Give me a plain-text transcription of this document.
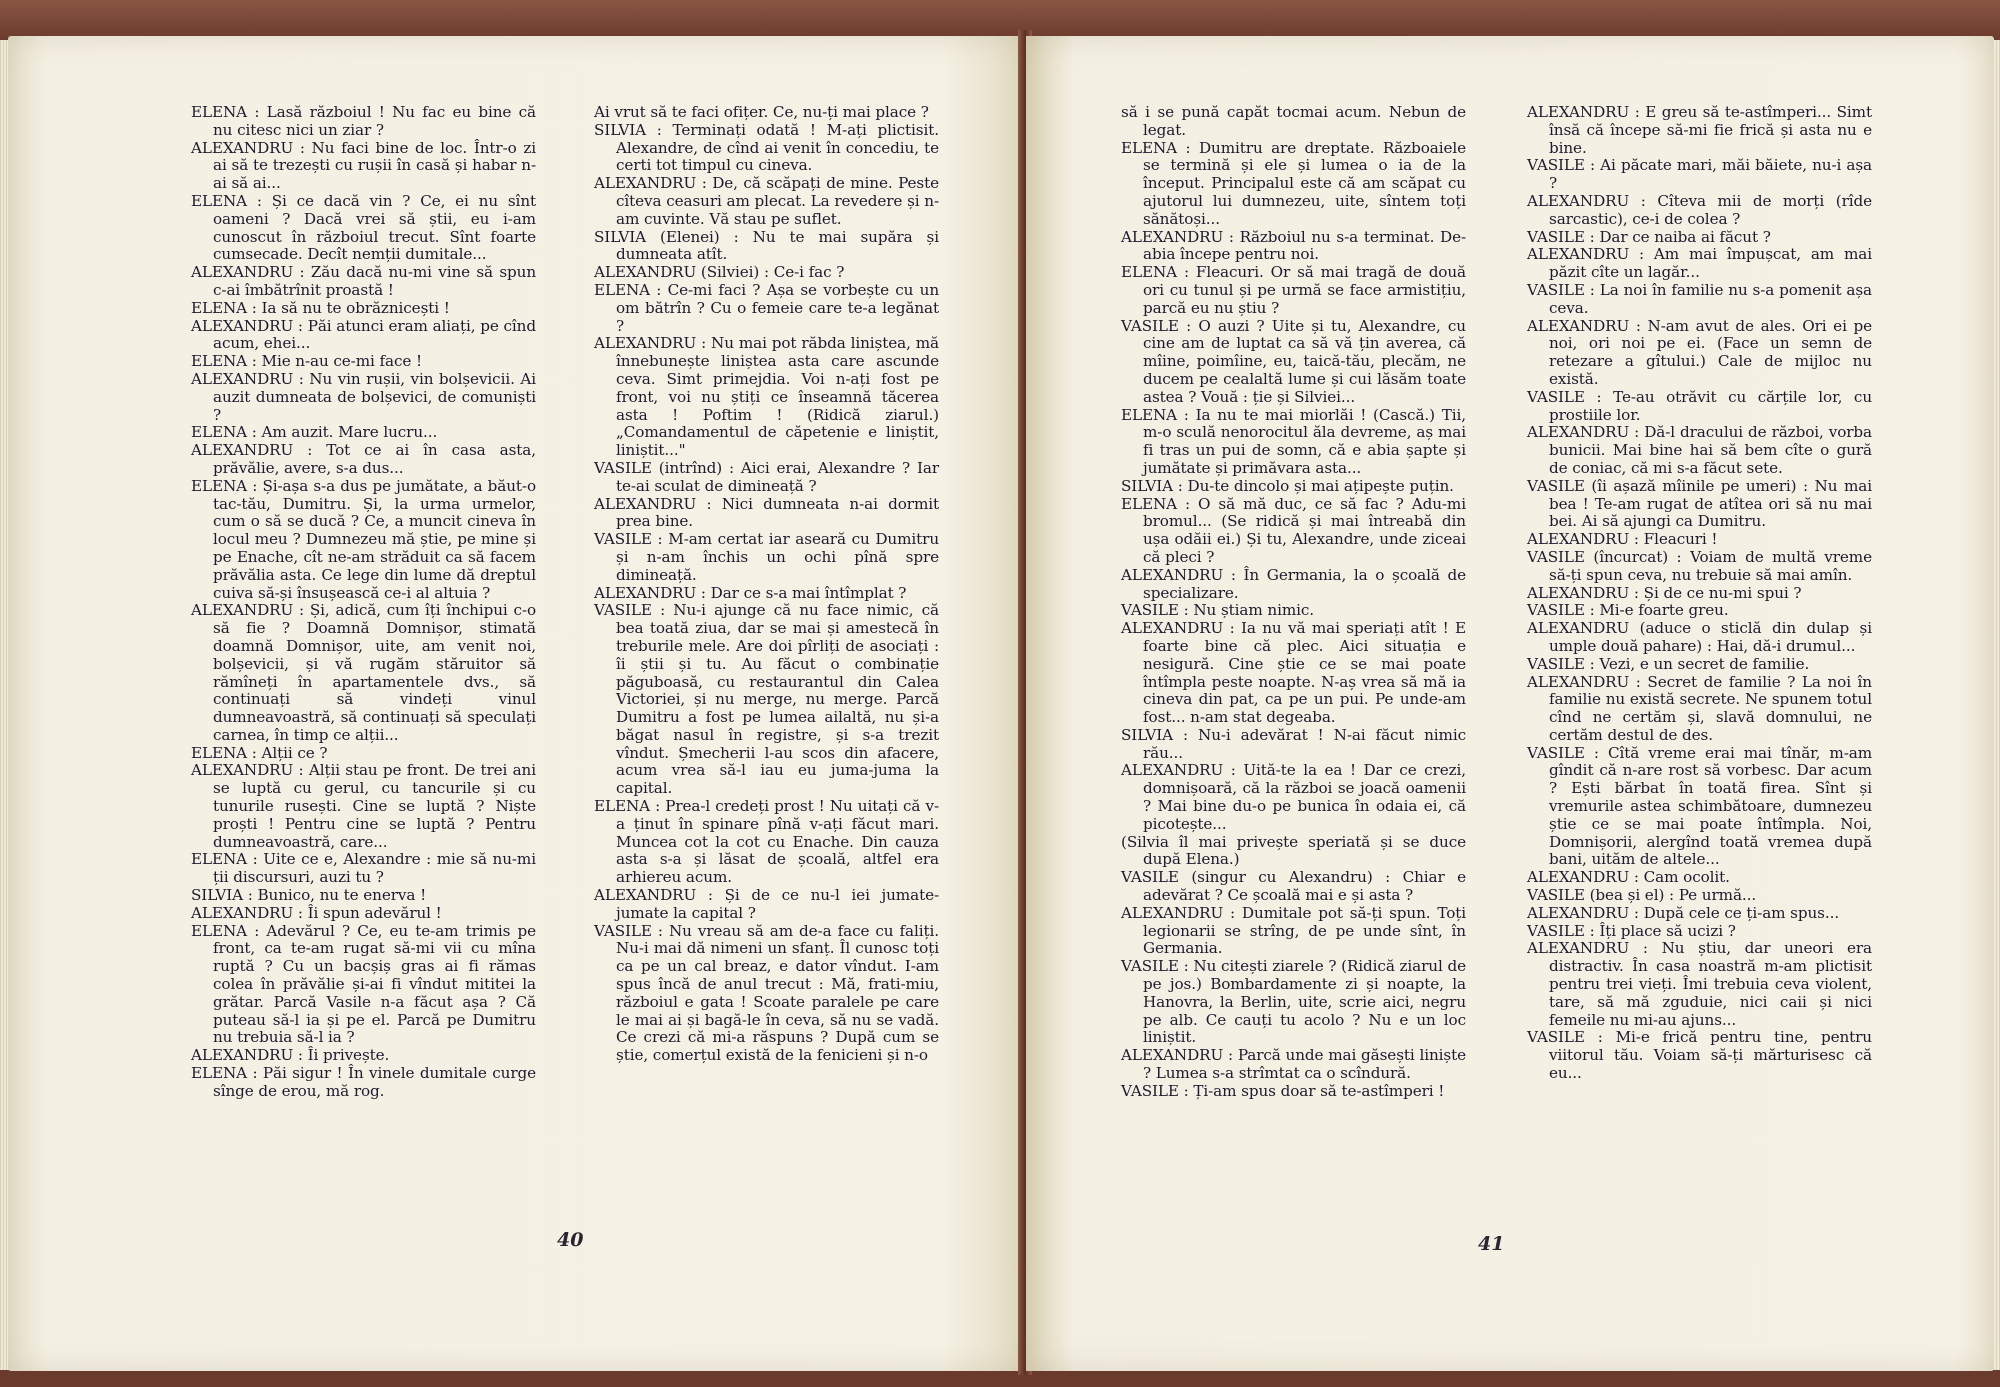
ELENA : Lasă războiul ! Nu fac eu bine că nu citesc nici un ziar ?

ALEXANDRU : Nu faci bine de loc. Într-o zi ai să te trezești cu rușii în casă și habar n-ai să ai...

ELENA : Și ce dacă vin ? Ce, ei nu sînt oameni ? Dacă vrei să știi, eu i-am cunoscut în războiul trecut. Sînt foarte cumsecade. Decît nemții dumitale...

ALEXANDRU : Zău dacă nu-mi vine să spun c-ai îmbătrînit proastă !

ELENA : Ia să nu te obrăznicești !

ALEXANDRU : Păi atunci eram aliați, pe cînd acum, ehei...

ELENA : Mie n-au ce-mi face !

ALEXANDRU : Nu vin rușii, vin bolșevicii. Ai auzit dumneata de bolșevici, de comuniști ?

ELENA : Am auzit. Mare lucru...

ALEXANDRU : Tot ce ai în casa asta, prăvălie, avere, s-a dus...

ELENA : Și-așa s-a dus pe jumătate, a băut-o tac-tău, Dumitru. Și, la urma urmelor, cum o să se ducă ? Ce, a muncit cineva în locul meu ? Dumnezeu mă știe, pe mine și pe Enache, cît ne-am străduit ca să facem prăvălia asta. Ce lege din lume dă dreptul cuiva să-și însușească ce-i al altuia ?

ALEXANDRU : Și, adică, cum îți închipui c-o să fie ? Doamnă Domnișor, stimată doamnă Domnișor, uite, am venit noi, bolșevicii, și vă rugăm stăruitor să rămîneți în apartamentele dvs., să continuați să vindeți vinul dumneavoastră, să continuați să speculați carnea, în timp ce alții...

ELENA : Alții ce ?

ALEXANDRU : Alții stau pe front. De trei ani se luptă cu gerul, cu tancurile și cu tunurile rusești. Cine se luptă ? Niște proști ! Pentru cine se luptă ? Pentru dumneavoastră, care...

ELENA : Uite ce e, Alexandre : mie să nu-mi ții discursuri, auzi tu ?

SILVIA : Bunico, nu te enerva !

ALEXANDRU : Îi spun adevărul !

ELENA : Adevărul ? Ce, eu te-am trimis pe front, ca te-am rugat să-mi vii cu mîna ruptă ? Cu un bacșiș gras ai fi rămas colea în prăvălie și-ai fi vîndut mititei la grătar. Parcă Vasile n-a făcut așa ? Că puteau să-l ia și pe el. Parcă pe Dumitru nu trebuia să-l ia ?

ALEXANDRU : Îi privește.

ELENA : Păi sigur ! În vinele dumitale curge sînge de erou, mă rog.

Ai vrut să te faci ofițer. Ce, nu-ți mai place ?

SILVIA : Terminați odată ! M-ați plictisit. Alexandre, de cînd ai venit în concediu, te certi tot timpul cu cineva.

ALEXANDRU : De, că scăpați de mine. Peste cîteva ceasuri am plecat. La revedere și n-am cuvinte. Vă stau pe suflet.

SILVIA (Elenei) : Nu te mai supăra și dumneata atît.

ALEXANDRU (Silviei) : Ce-i fac ?

ELENA : Ce-mi faci ? Așa se vorbește cu un om bătrîn ? Cu o femeie care te-a legănat ?

ALEXANDRU : Nu mai pot răbda liniștea, mă înnebunește liniștea asta care ascunde ceva. Simt primejdia. Voi n-ați fost pe front, voi nu știți ce înseamnă tăcerea asta ! Poftim ! (Ridică ziarul.) „Comandamentul de căpetenie e liniștit, liniștit..."

VASILE (intrînd) : Aici erai, Alexandre ? Iar te-ai sculat de dimineață ?

ALEXANDRU : Nici dumneata n-ai dormit prea bine.

VASILE : M-am certat iar aseară cu Dumitru și n-am închis un ochi pînă spre dimineață.

ALEXANDRU : Dar ce s-a mai întîmplat ?

VASILE : Nu-i ajunge că nu face nimic, că bea toată ziua, dar se mai și amestecă în treburile mele. Are doi pîrliți de asociați : îi știi și tu. Au făcut o combinație păguboasă, cu restaurantul din Calea Victoriei, și nu merge, nu merge. Parcă Dumitru a fost pe lumea ailaltă, nu și-a băgat nasul în registre, și s-a trezit vîndut. Șmecherii l-au scos din afacere, acum vrea să-l iau eu juma-juma la capital.

ELENA : Prea-l credeți prost ! Nu uitați că v-a ținut în spinare pînă v-ați făcut mari. Muncea cot la cot cu Enache. Din cauza asta s-a și lăsat de școală, altfel era arhiereu acum.

ALEXANDRU : Și de ce nu-l iei jumate-jumate la capital ?

VASILE : Nu vreau să am de-a face cu faliți. Nu-i mai dă nimeni un sfanț. Îl cunosc toți ca pe un cal breaz, e dator vîndut. I-am spus încă de anul trecut : Mă, frati-miu, războiul e gata ! Scoate paralele pe care le mai ai și bagă-le în ceva, să nu se vadă. Ce crezi că mi-a răspuns ? După cum se știe, comerțul există de la fenicieni și n-o

40

să i se pună capăt tocmai acum. Nebun de legat.

ELENA : Dumitru are dreptate. Războaiele se termină și ele și lumea o ia de la început. Principalul este că am scăpat cu ajutorul lui dumnezeu, uite, sîntem toți sănătoși...

ALEXANDRU : Războiul nu s-a terminat. De-abia începe pentru noi.

ELENA : Fleacuri. Or să mai tragă de două ori cu tunul și pe urmă se face armistițiu, parcă eu nu știu ?

VASILE : O auzi ? Uite și tu, Alexandre, cu cine am de luptat ca să vă țin averea, că mîine, poimîine, eu, taică-tău, plecăm, ne ducem pe cealaltă lume și cui lăsăm toate astea ? Vouă : ție și Silviei...

ELENA : Ia nu te mai miorlăi ! (Cască.) Tii, m-o sculă nenorocitul ăla devreme, aș mai fi tras un pui de somn, că e abia șapte și jumătate și primăvara asta...

SILVIA : Du-te dincolo și mai ațipește puțin.

ELENA : O să mă duc, ce să fac ? Adu-mi bromul... (Se ridică și mai întreabă din ușa odăii ei.) Și tu, Alexandre, unde ziceai că pleci ?

ALEXANDRU : În Germania, la o școală de specializare.

VASILE : Nu știam nimic.

ALEXANDRU : Ia nu vă mai speriați atît ! E foarte bine că plec. Aici situația e nesigură. Cine știe ce se mai poate întîmpla peste noapte. N-aș vrea să mă ia cineva din pat, ca pe un pui. Pe unde-am fost... n-am stat degeaba.

SILVIA : Nu-i adevărat ! N-ai făcut nimic rău...

ALEXANDRU : Uită-te la ea ! Dar ce crezi, domnișoară, că la război se joacă oamenii ? Mai bine du-o pe bunica în odaia ei, că picotește...

(Silvia îl mai privește speriată și se duce după Elena.)

VASILE (singur cu Alexandru) : Chiar e adevărat ? Ce școală mai e și asta ?

ALEXANDRU : Dumitale pot să-ți spun. Toți legionarii se strîng, de pe unde sînt, în Germania.

VASILE : Nu citești ziarele ? (Ridică ziarul de pe jos.) Bombardamente zi și noapte, la Hanovra, la Berlin, uite, scrie aici, negru pe alb. Ce cauți tu acolo ? Nu e un loc liniștit.

ALEXANDRU : Parcă unde mai găsești liniște ? Lumea s-a strîmtat ca o scîndură.

VASILE : Ți-am spus doar să te-astîmperi !

ALEXANDRU : E greu să te-astîmperi... Simt însă că începe să-mi fie frică și asta nu e bine.

VASILE : Ai păcate mari, măi băiete, nu-i așa ?

ALEXANDRU : Cîteva mii de morți (rîde sarcastic), ce-i de colea ?

VASILE : Dar ce naiba ai făcut ?

ALEXANDRU : Am mai împușcat, am mai păzit cîte un lagăr...

VASILE : La noi în familie nu s-a pomenit așa ceva.

ALEXANDRU : N-am avut de ales. Ori ei pe noi, ori noi pe ei. (Face un semn de retezare a gîtului.) Cale de mijloc nu există.

VASILE : Te-au otrăvit cu cărțile lor, cu prostiile lor.

ALEXANDRU : Dă-l dracului de război, vorba bunicii. Mai bine hai să bem cîte o gură de coniac, că mi s-a făcut sete.

VASILE (îi așază mîinile pe umeri) : Nu mai bea ! Te-am rugat de atîtea ori să nu mai bei. Ai să ajungi ca Dumitru.

ALEXANDRU : Fleacuri !

VASILE (încurcat) : Voiam de multă vreme să-ți spun ceva, nu trebuie să mai amîn.

ALEXANDRU : Și de ce nu-mi spui ?

VASILE : Mi-e foarte greu.

ALEXANDRU (aduce o sticlă din dulap și umple două pahare) : Hai, dă-i drumul...

VASILE : Vezi, e un secret de familie.

ALEXANDRU : Secret de familie ? La noi în familie nu există secrete. Ne spunem totul cînd ne certăm și, slavă domnului, ne certăm destul de des.

VASILE : Cîtă vreme erai mai tînăr, m-am gîndit că n-are rost să vorbesc. Dar acum ? Ești bărbat în toată firea. Sînt și vremurile astea schimbătoare, dumnezeu știe ce se mai poate întîmpla. Noi, Domnișorii, alergînd toată vremea după bani, uităm de altele...

ALEXANDRU : Cam ocolit.

VASILE (bea și el) : Pe urmă...

ALEXANDRU : După cele ce ți-am spus...

VASILE : Îți place să ucizi ?

ALEXANDRU : Nu știu, dar uneori era distractiv. În casa noastră m-am plictisit pentru trei vieți. Îmi trebuia ceva violent, tare, să mă zguduie, nici caii și nici femeile nu mi-au ajuns...

VASILE : Mi-e frică pentru tine, pentru viitorul tău. Voiam să-ți mărturisesc că eu...

41
